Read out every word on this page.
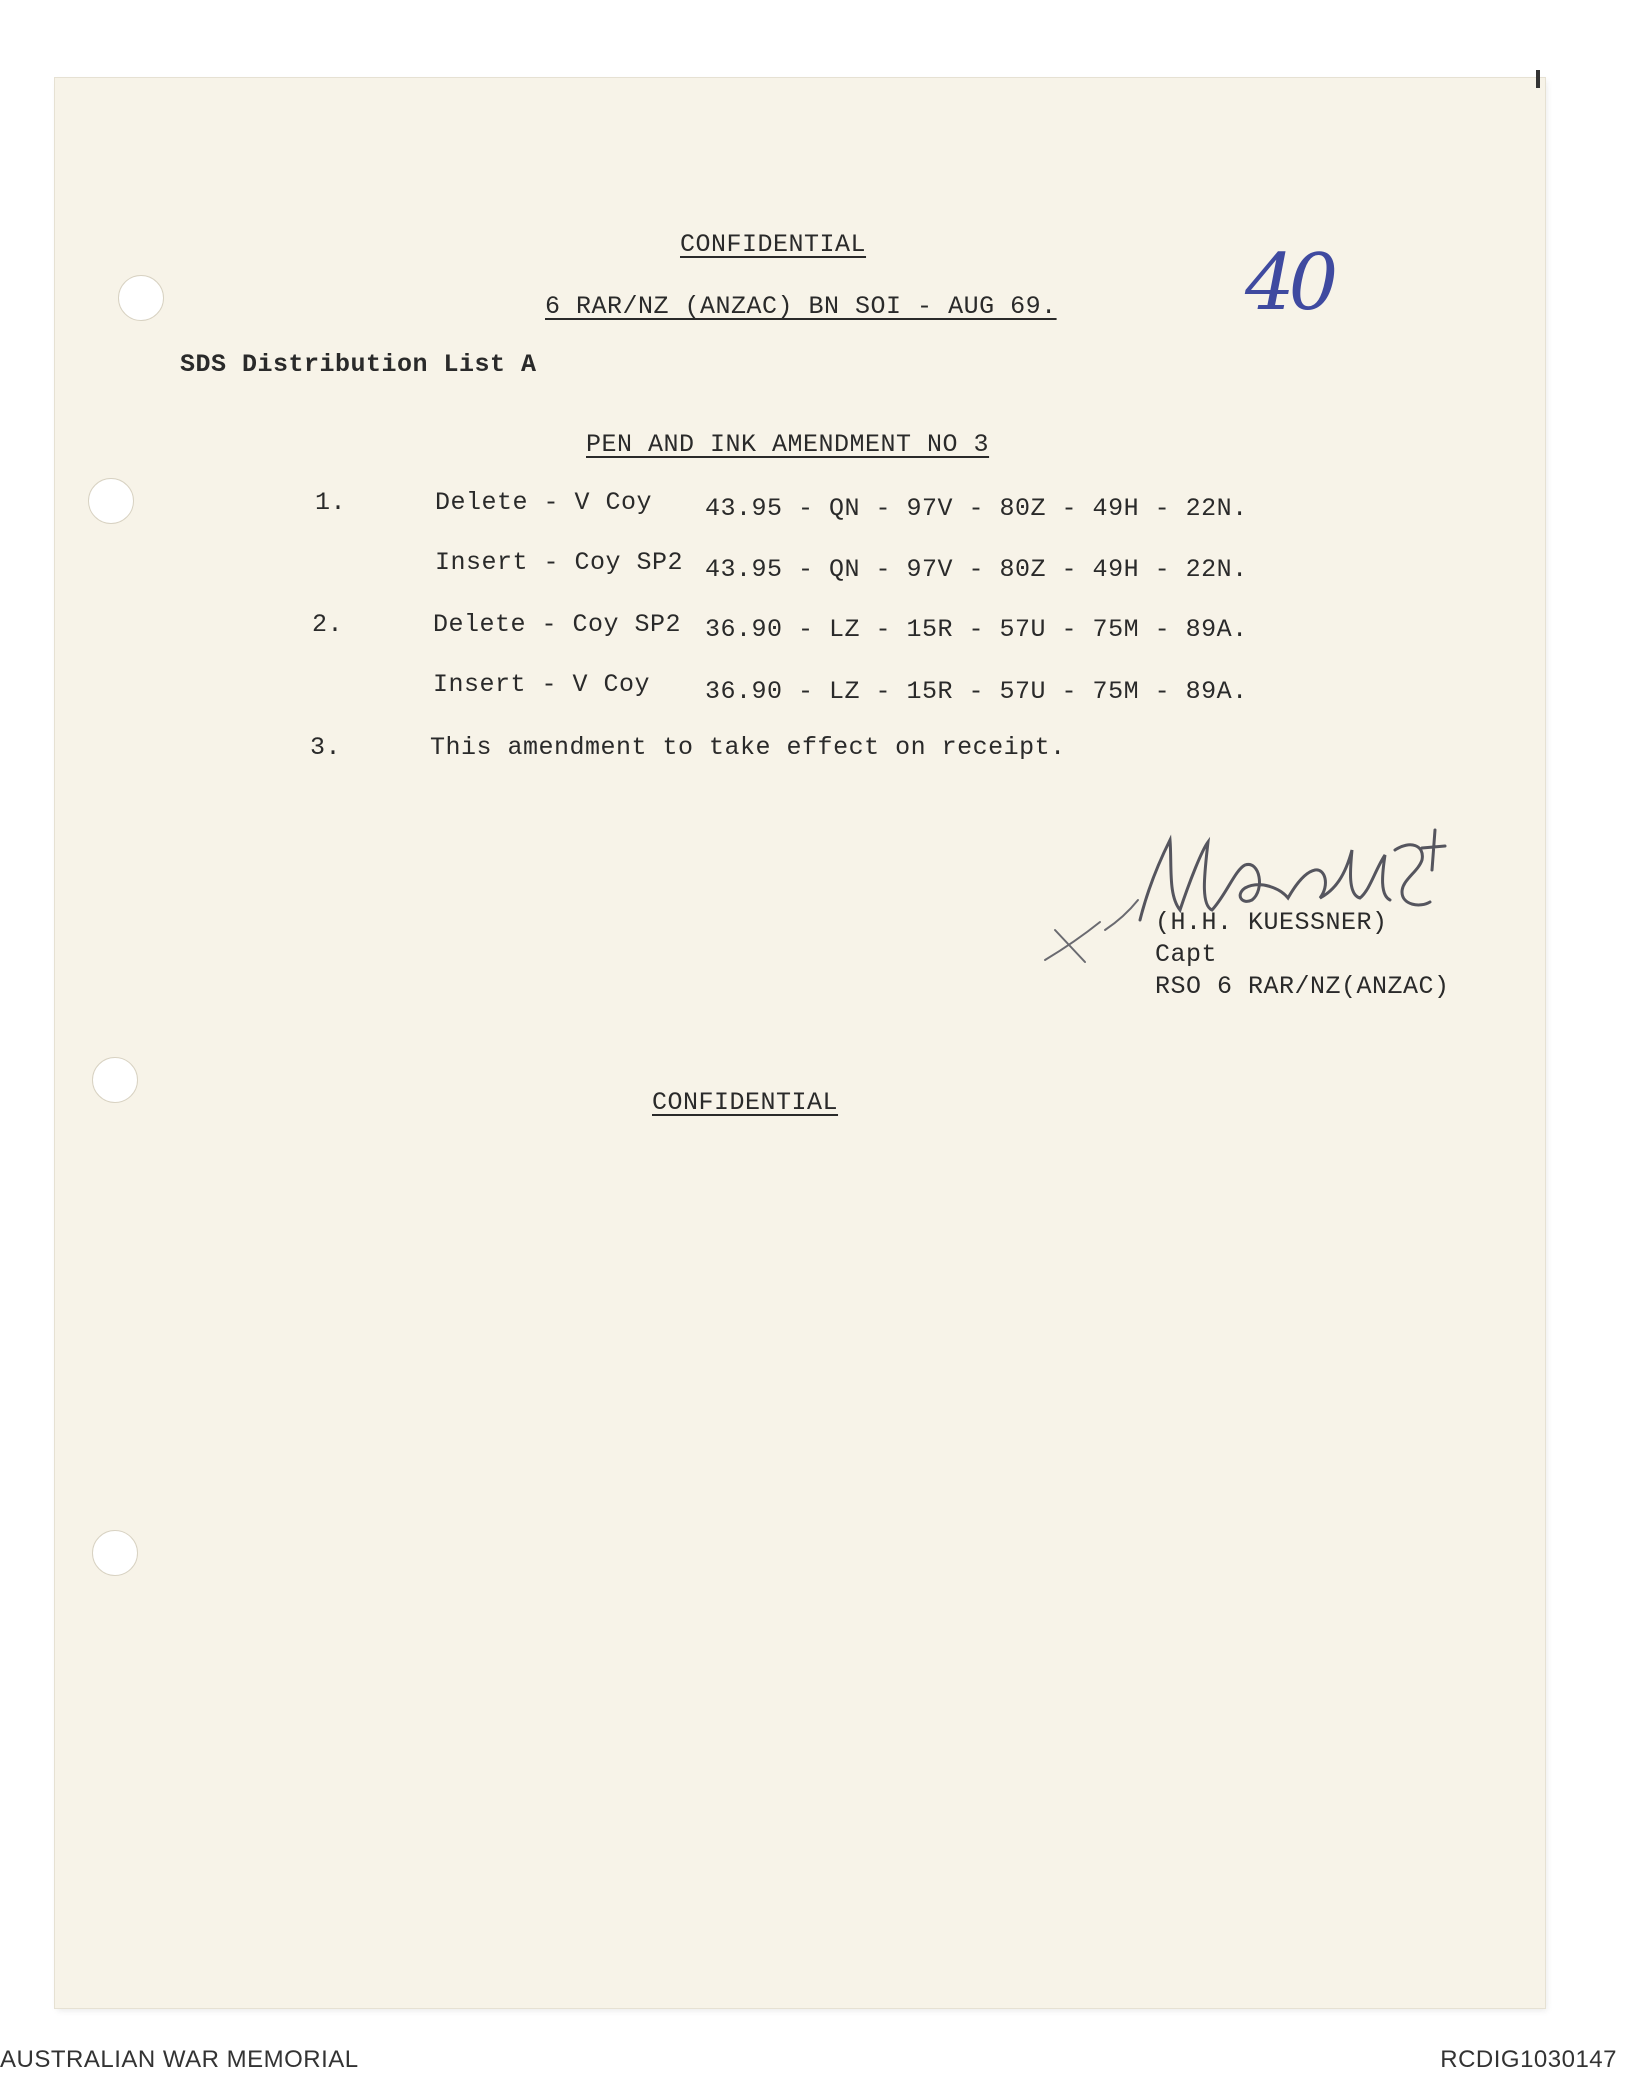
CONFIDENTIAL
6 RAR/NZ (ANZAC) BN SOI - AUG 69. 40
SDS Distribution List A
PEN AND INK AMENDMENT NO 3
1.	Delete - V Coy 43.95 - QN - 97V - 80Z - 49H - 22N.
Insert - Coy SP2 43.95 - QN - 97V - 80Z - 49H - 22N.
2.	Delete - Coy SP2 36.90 - LZ - 15R - 57U - 75M - 89A.
Insert - V Coy 36.90 - LZ - 15R - 57U - 75M - 89A.
3.	This amendment to take effect on receipt.
(H.H. KUESSNER)
Capt
RSO 6 RAR/NZ(ANZAC)
CONFIDENTIAL
AUSTRALIAN WAR MEMORIAL	RCDIG1030147
